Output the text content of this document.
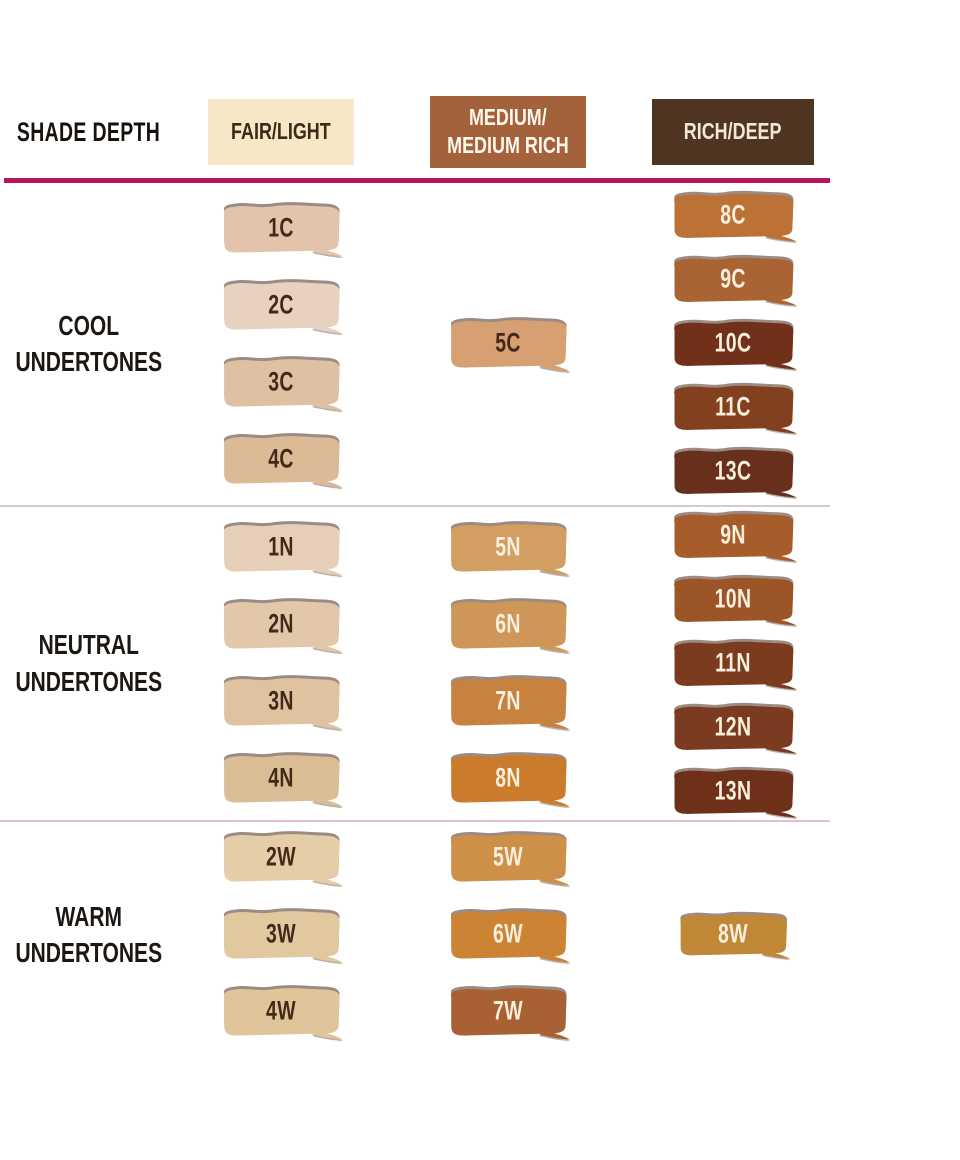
SHADE DEPTH	FAIR/LIGHT
MEDIUM/
MEDIUM RICH
RICH/DEEP
COOL
UNDERTONES
1C
2C
3C
4C
5C
8C
9C
10C
11C
13C
NEUTRAL
UNDERTONES
1N
2N
3N
4N
5N
6N
7N
8N
9N
10N
11N
12N
13N
WARM
UNDERTONES
2W
3W
4W
5W
6W
7W
8W
